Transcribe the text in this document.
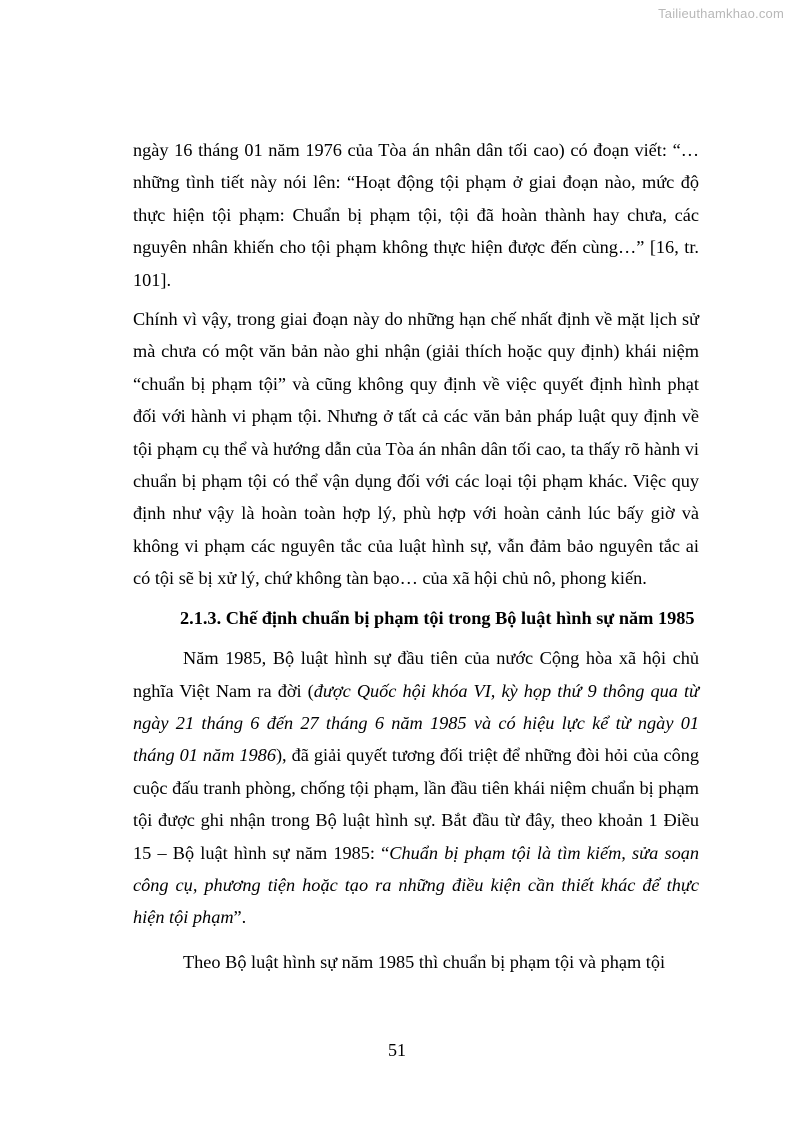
Tailieuthamkhao.com

ngày 16 tháng 01 năm 1976 của Tòa án nhân dân tối cao) có đoạn viết: “…những tình tiết này nói lên: “Hoạt động tội phạm ở giai đoạn nào, mức độ thực hiện tội phạm: Chuẩn bị phạm tội, tội đã hoàn thành hay chưa, các nguyên nhân khiến cho tội phạm không thực hiện được đến cùng…” [16, tr. 101].

Chính vì vậy, trong giai đoạn này do những hạn chế nhất định về mặt lịch sử mà chưa có một văn bản nào ghi nhận (giải thích hoặc quy định) khái niệm “chuẩn bị phạm tội” và cũng không quy định về việc quyết định hình phạt đối với hành vi phạm tội. Nhưng ở tất cả các văn bản pháp luật quy định về tội phạm cụ thể và hướng dẫn của Tòa án nhân dân tối cao, ta thấy rõ hành vi chuẩn bị phạm tội có thể vận dụng đối với các loại tội phạm khác. Việc quy định như vậy là hoàn toàn hợp lý, phù hợp với hoàn cảnh lúc bấy giờ và không vi phạm các nguyên tắc của luật hình sự, vẫn đảm bảo nguyên tắc ai có tội sẽ bị xử lý, chứ không tàn bạo… của xã hội chủ nô, phong kiến.

2.1.3. Chế định chuẩn bị phạm tội trong Bộ luật hình sự năm 1985

Năm 1985, Bộ luật hình sự đầu tiên của nước Cộng hòa xã hội chủ nghĩa Việt Nam ra đời (được Quốc hội khóa VI, kỳ họp thứ 9 thông qua từ ngày 21 tháng 6 đến 27 tháng 6 năm 1985 và có hiệu lực kể từ ngày 01 tháng 01 năm 1986), đã giải quyết tương đối triệt để những đòi hỏi của công cuộc đấu tranh phòng, chống tội phạm, lần đầu tiên khái niệm chuẩn bị phạm tội được ghi nhận trong Bộ luật hình sự. Bắt đầu từ đây, theo khoản 1 Điều 15 – Bộ luật hình sự năm 1985: “Chuẩn bị phạm tội là tìm kiếm, sửa soạn công cụ, phương tiện hoặc tạo ra những điều kiện cần thiết khác để thực hiện tội phạm”.

Theo Bộ luật hình sự năm 1985 thì chuẩn bị phạm tội và phạm tội

51
